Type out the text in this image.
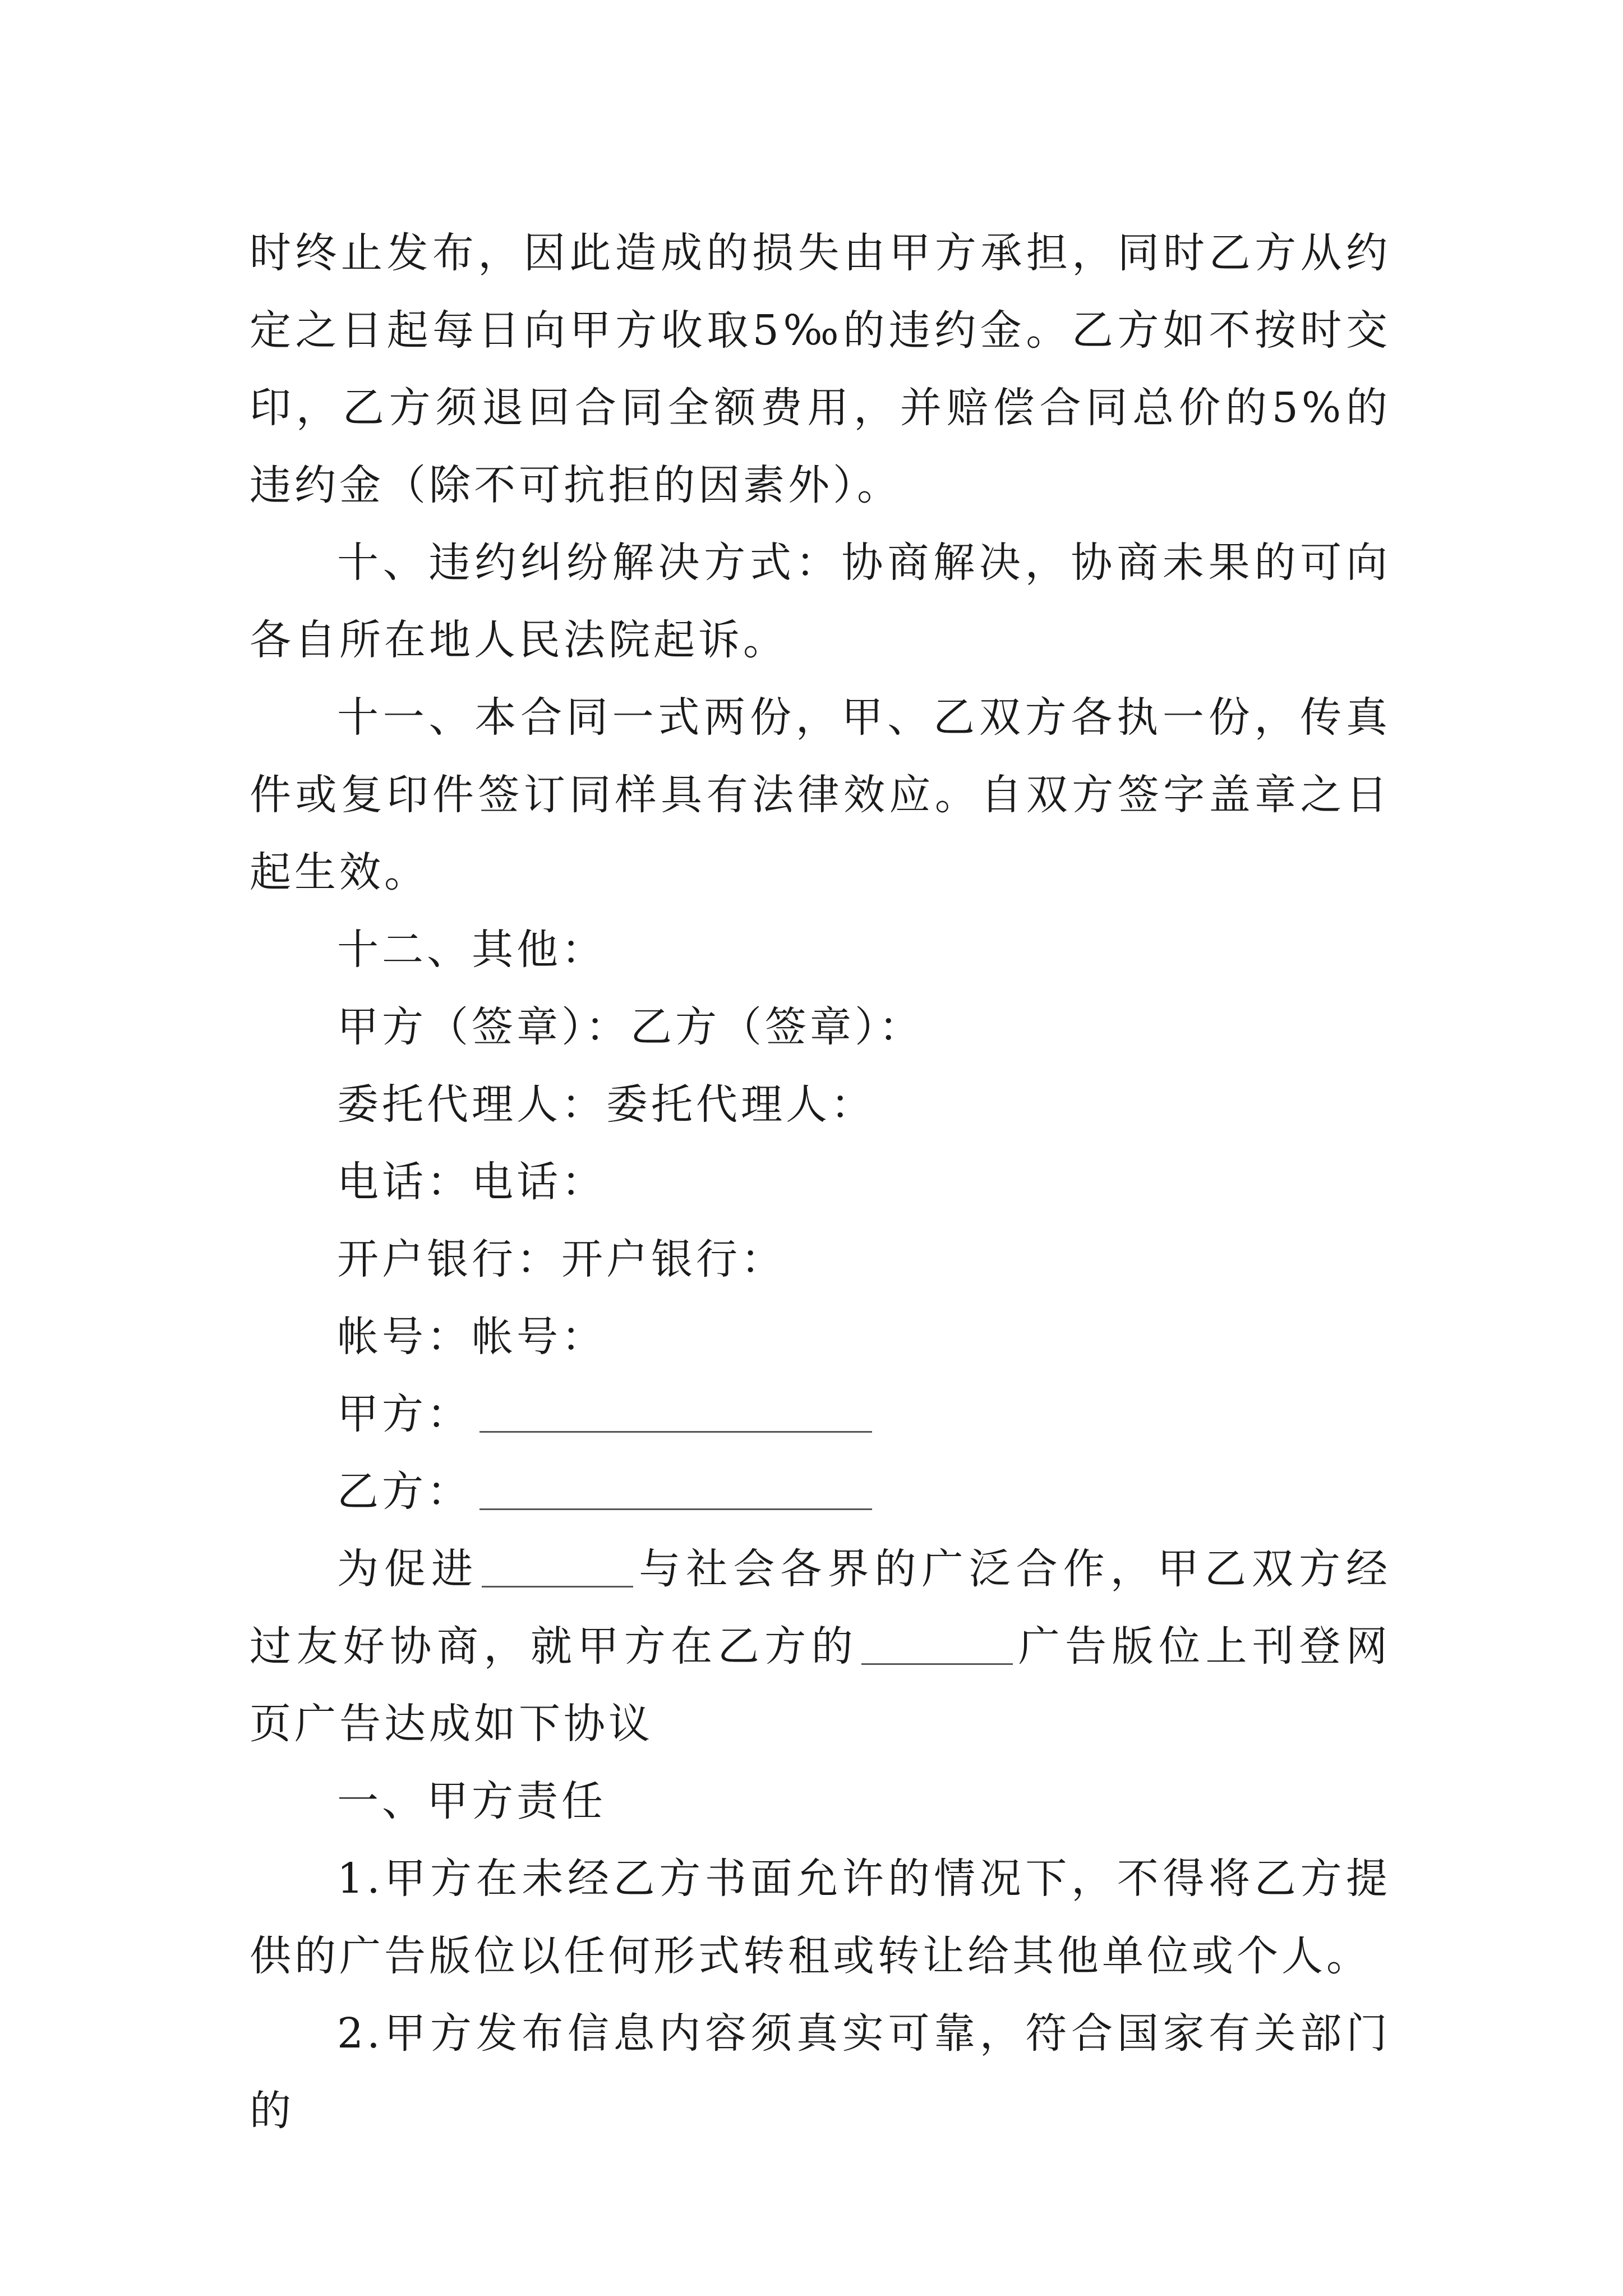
时终止发布，因此造成的损失由甲方承担，同时乙方从约定之日起每日向甲方收取5‰的违约金。乙方如不按时交印，乙方须退回合同全额费用，并赔偿合同总价的5%的违约金（除不可抗拒的因素外）。

十、违约纠纷解决方式：协商解决，协商未果的可向各自所在地人民法院起诉。

十一、本合同一式两份，甲、乙双方各执一份，传真件或复印件签订同样具有法律效应。自双方签字盖章之日起生效。

十二、其他：

甲方（签章）：乙方（签章）：

委托代理人：委托代理人：

电话：电话：

开户银行：开户银行：

帐号：帐号：

甲方：

乙方：

为促进	与社会各界的广泛合作，甲乙双方经过友好协商，就甲方在乙方的	广告版位上刊登网页广告达成如下协议

一、甲方责任

1.甲方在未经乙方书面允许的情况下，不得将乙方提供的广告版位以任何形式转租或转让给其他单位或个人。

2.甲方发布信息内容须真实可靠，符合国家有关部门的
